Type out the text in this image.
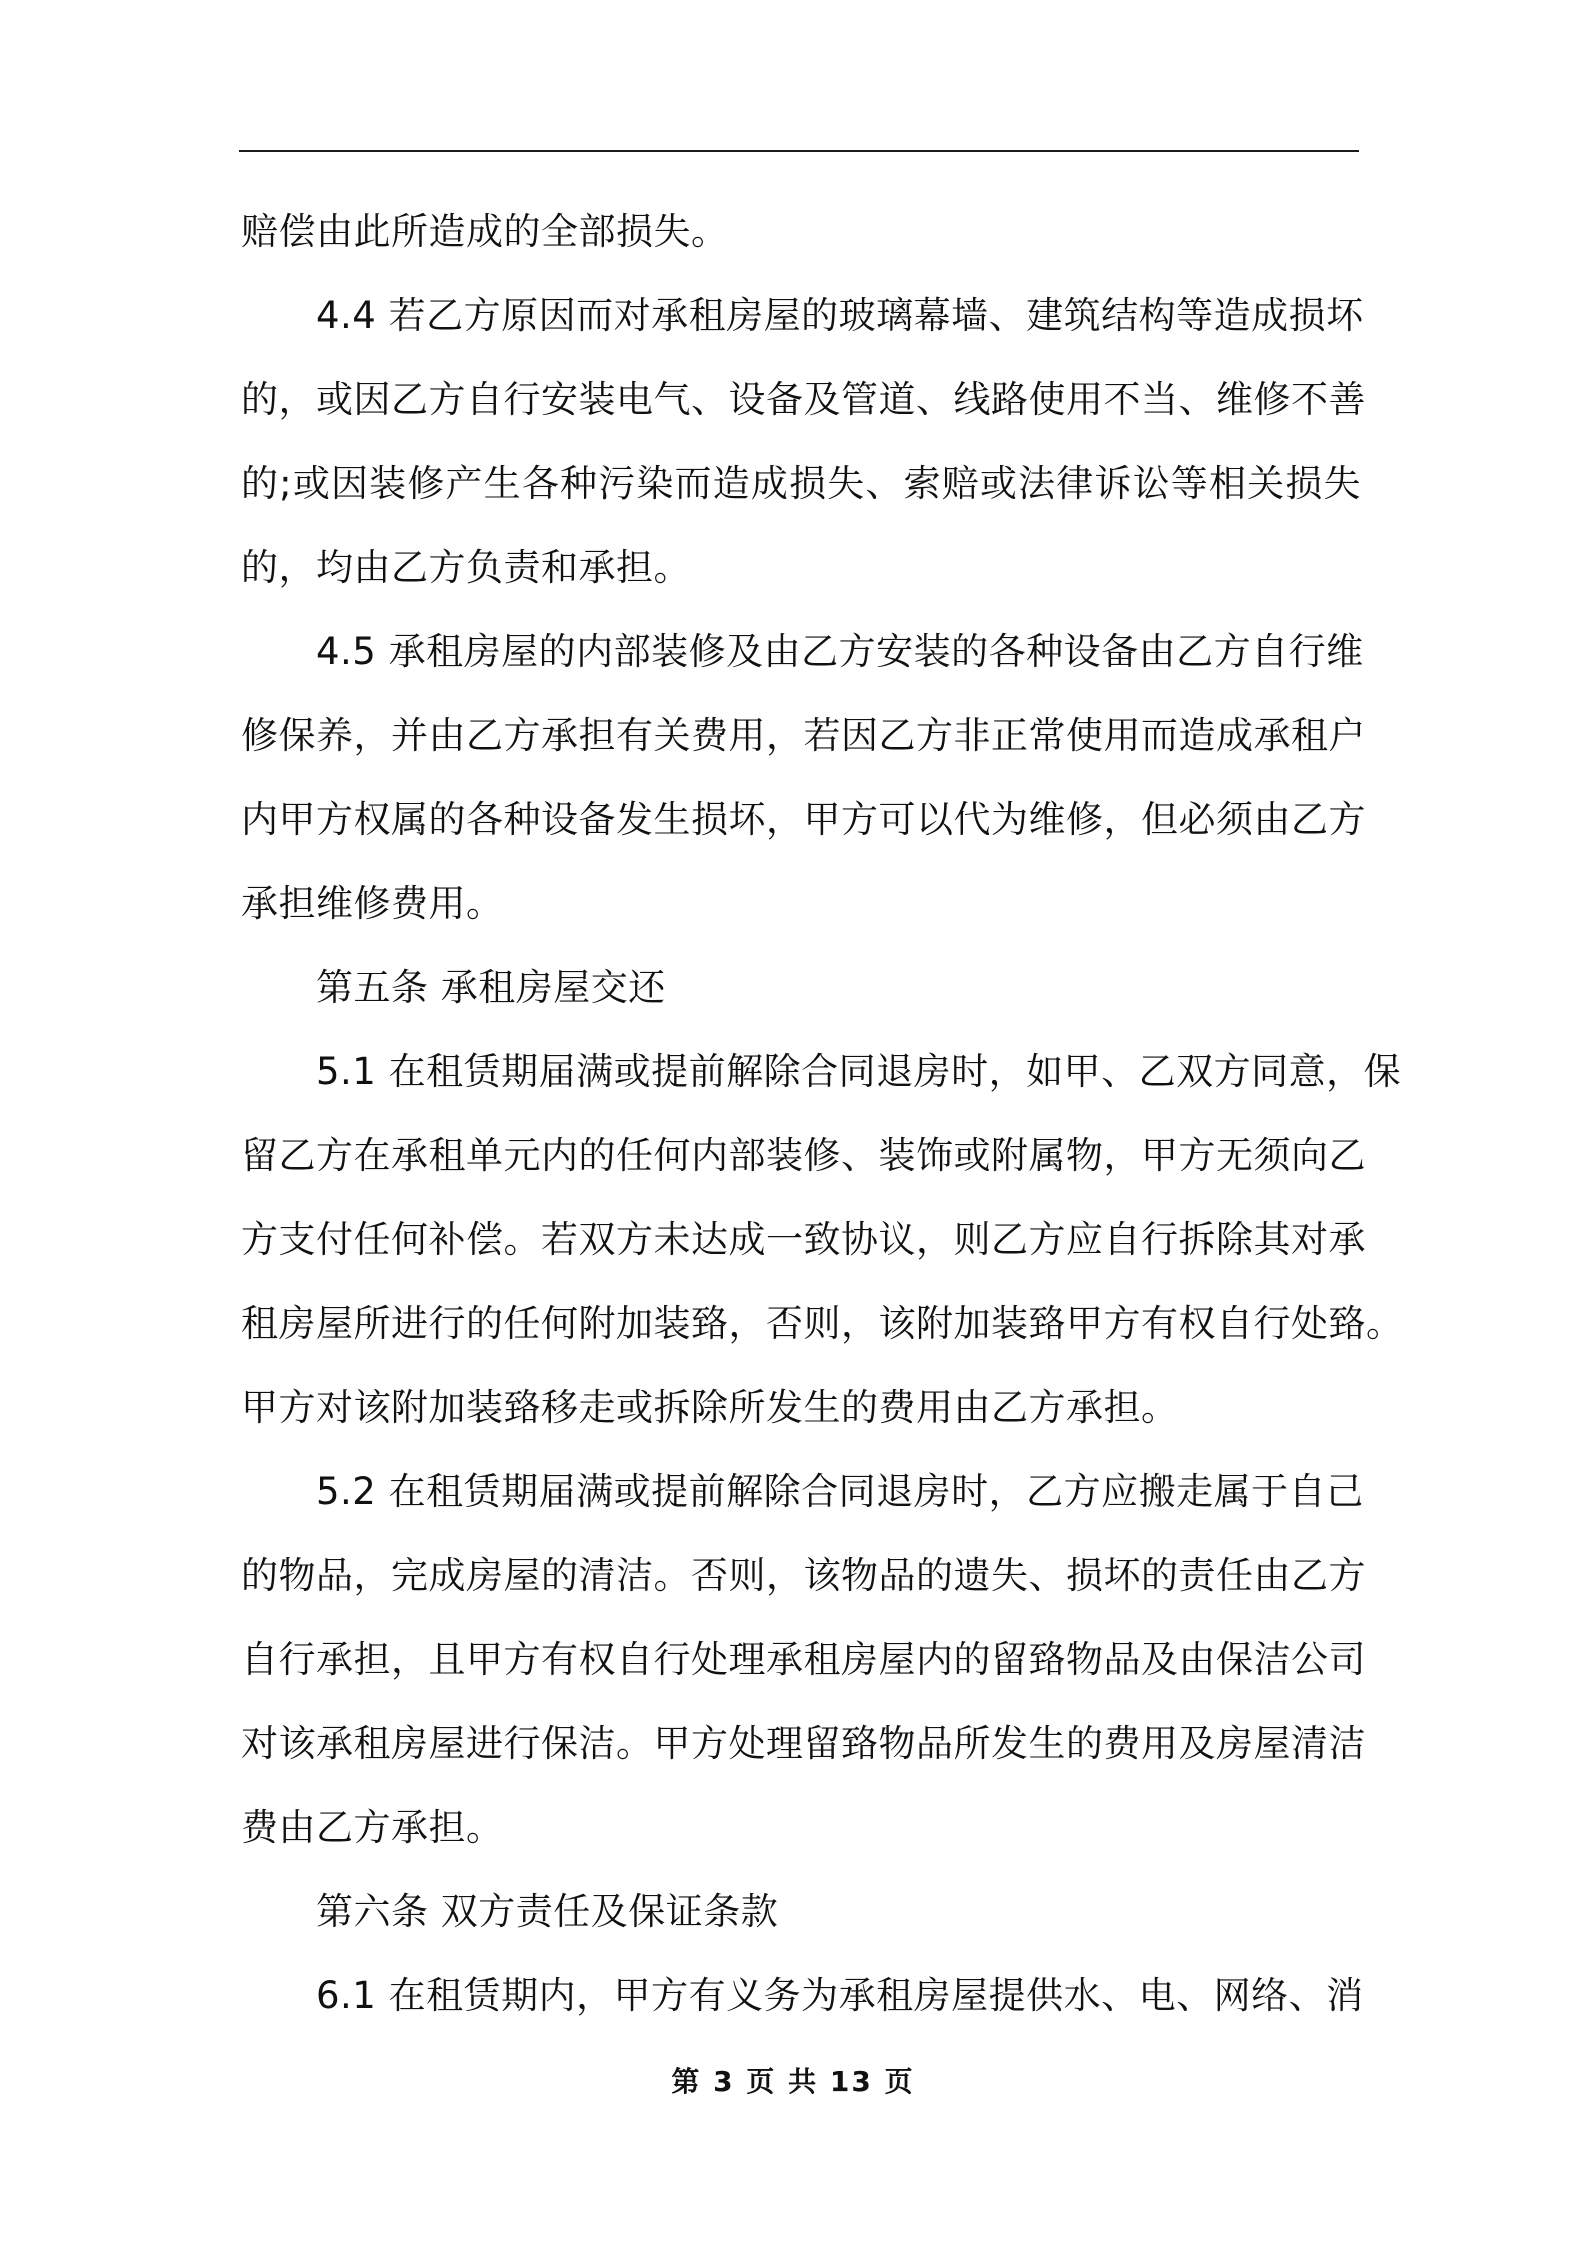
赔偿由此所造成的全部损失。
4.4 若乙方原因而对承租房屋的玻璃幕墙、建筑结构等造成损坏
的，或因乙方自行安装电气、设备及管道、线路使用不当、维修不善
的;或因装修产生各种污染而造成损失、索赔或法律诉讼等相关损失
的，均由乙方负责和承担。
4.5 承租房屋的内部装修及由乙方安装的各种设备由乙方自行维
修保养，并由乙方承担有关费用，若因乙方非正常使用而造成承租户
内甲方权属的各种设备发生损坏，甲方可以代为维修，但必须由乙方
承担维修费用。
第五条 承租房屋交还
5.1 在租赁期届满或提前解除合同退房时，如甲、乙双方同意，保
留乙方在承租单元内的任何内部装修、装饰或附属物，甲方无须向乙
方支付任何补偿。若双方未达成一致协议，则乙方应自行拆除其对承
租房屋所进行的任何附加装臵，否则，该附加装臵甲方有权自行处臵。
甲方对该附加装臵移走或拆除所发生的费用由乙方承担。
5.2 在租赁期届满或提前解除合同退房时，乙方应搬走属于自己
的物品，完成房屋的清洁。否则，该物品的遗失、损坏的责任由乙方
自行承担，且甲方有权自行处理承租房屋内的留臵物品及由保洁公司
对该承租房屋进行保洁。甲方处理留臵物品所发生的费用及房屋清洁
费由乙方承担。
第六条 双方责任及保证条款
6.1 在租赁期内，甲方有义务为承租房屋提供水、电、网络、消
第 3 页 共 13 页
